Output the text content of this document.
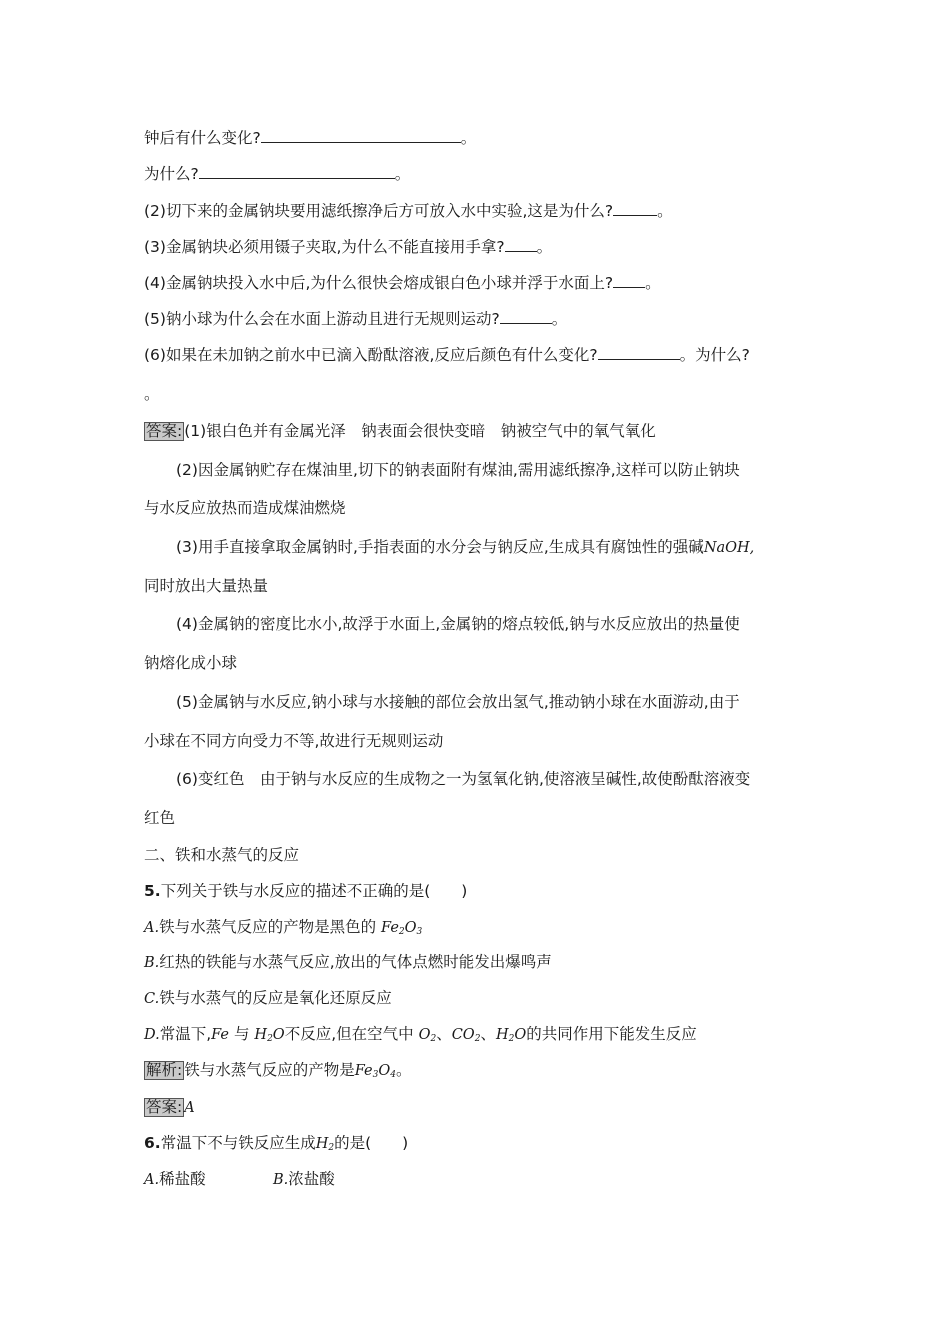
钟后有什么变化?	。
为什么?	。
(2)切下来的金属钠块要用滤纸擦净后方可放入水中实验,这是为什么?	。
(3)金属钠块必须用镊子夹取,为什么不能直接用手拿? 。
(4)金属钠块投入水中后,为什么很快会熔成银白色小球并浮于水面上? 。
(5)钠小球为什么会在水面上游动且进行无规则运动?	。
(6)如果在未加钠之前水中已滴入酚酞溶液,反应后颜色有什么变化?	。为什么?
。
答案: (1)银白色并有金属光泽　钠表面会很快变暗　钠被空气中的氧气氧化
(2)因金属钠贮存在煤油里,切下的钠表面附有煤油,需用滤纸擦净,这样可以防止钠块
与水反应放热而造成煤油燃烧
(3)用手直接拿取金属钠时,手指表面的水分会与钠反应,生成具有腐蚀性的强碱NaOH,
同时放出大量热量
(4)金属钠的密度比水小,故浮于水面上,金属钠的熔点较低,钠与水反应放出的热量使
钠熔化成小球
(5)金属钠与水反应,钠小球与水接触的部位会放出氢气,推动钠小球在水面游动,由于
小球在不同方向受力不等,故进行无规则运动
(6)变红色　由于钠与水反应的生成物之一为氢氧化钠,使溶液呈碱性,故使酚酞溶液变
红色
二、铁和水蒸气的反应
5.下列关于铁与水反应的描述不正确的是(　　)
A.铁与水蒸气反应的产物是黑色的 $Fe_2O_3$
B.红热的铁能与水蒸气反应,放出的气体点燃时能发出爆鸣声
C.铁与水蒸气的反应是氧化还原反应
D.常温下,Fe 与 $H_2O$不反应,但在空气中 $O_2$、$CO_2$、$H_2O$的共同作用下能发生反应
解析: 铁与水蒸气反应的产物是$Fe_3O_4$。
答案: A
6.常温下不与铁反应生成$H_2$的是(　　)
A.稀盐酸	B.浓盐酸
